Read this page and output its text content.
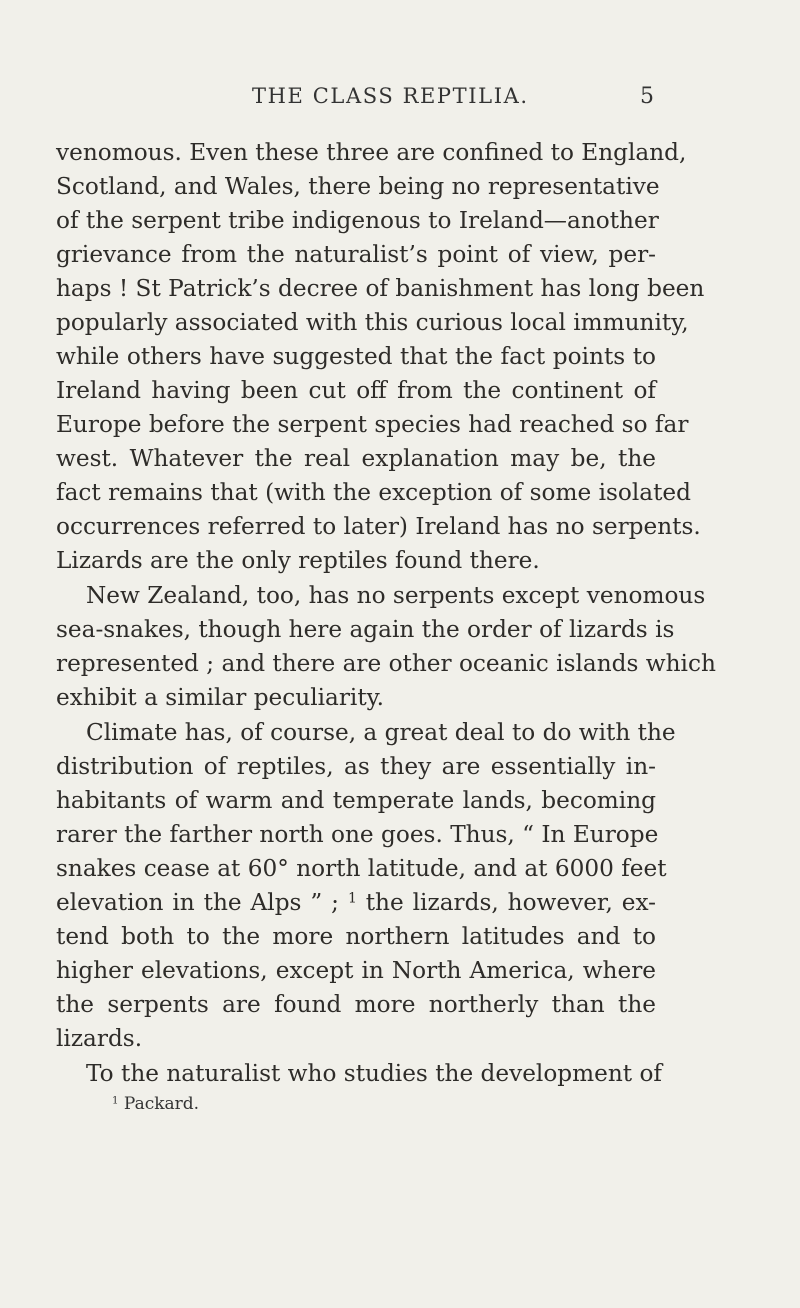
THE CLASS REPTILIA.	5
venomous. Even these three are confined to England,
Scotland, and Wales, there being no representative
of the serpent tribe indigenous to Ireland—another
grievance from the naturalist’s point of view, per-
haps ! St Patrick’s decree of banishment has long been
popularly associated with this curious local immunity,
while others have suggested that the fact points to
Ireland having been cut off from the continent of
Europe before the serpent species had reached so far
west. Whatever the real explanation may be, the
fact remains that (with the exception of some isolated
occurrences referred to later) Ireland has no serpents.
Lizards are the only reptiles found there.
New Zealand, too, has no serpents except venomous
sea-snakes, though here again the order of lizards is
represented ; and there are other oceanic islands which
exhibit a similar peculiarity.
Climate has, of course, a great deal to do with the
distribution of reptiles, as they are essentially in-
habitants of warm and temperate lands, becoming
rarer the farther north one goes. Thus, “ In Europe
snakes cease at 60° north latitude, and at 6000 feet
elevation in the Alps ” ; $^1$ the lizards, however, ex-
tend both to the more northern latitudes and to
higher elevations, except in North America, where
the serpents are found more northerly than the
lizards.
To the naturalist who studies the development of
$^1$ Packard.
